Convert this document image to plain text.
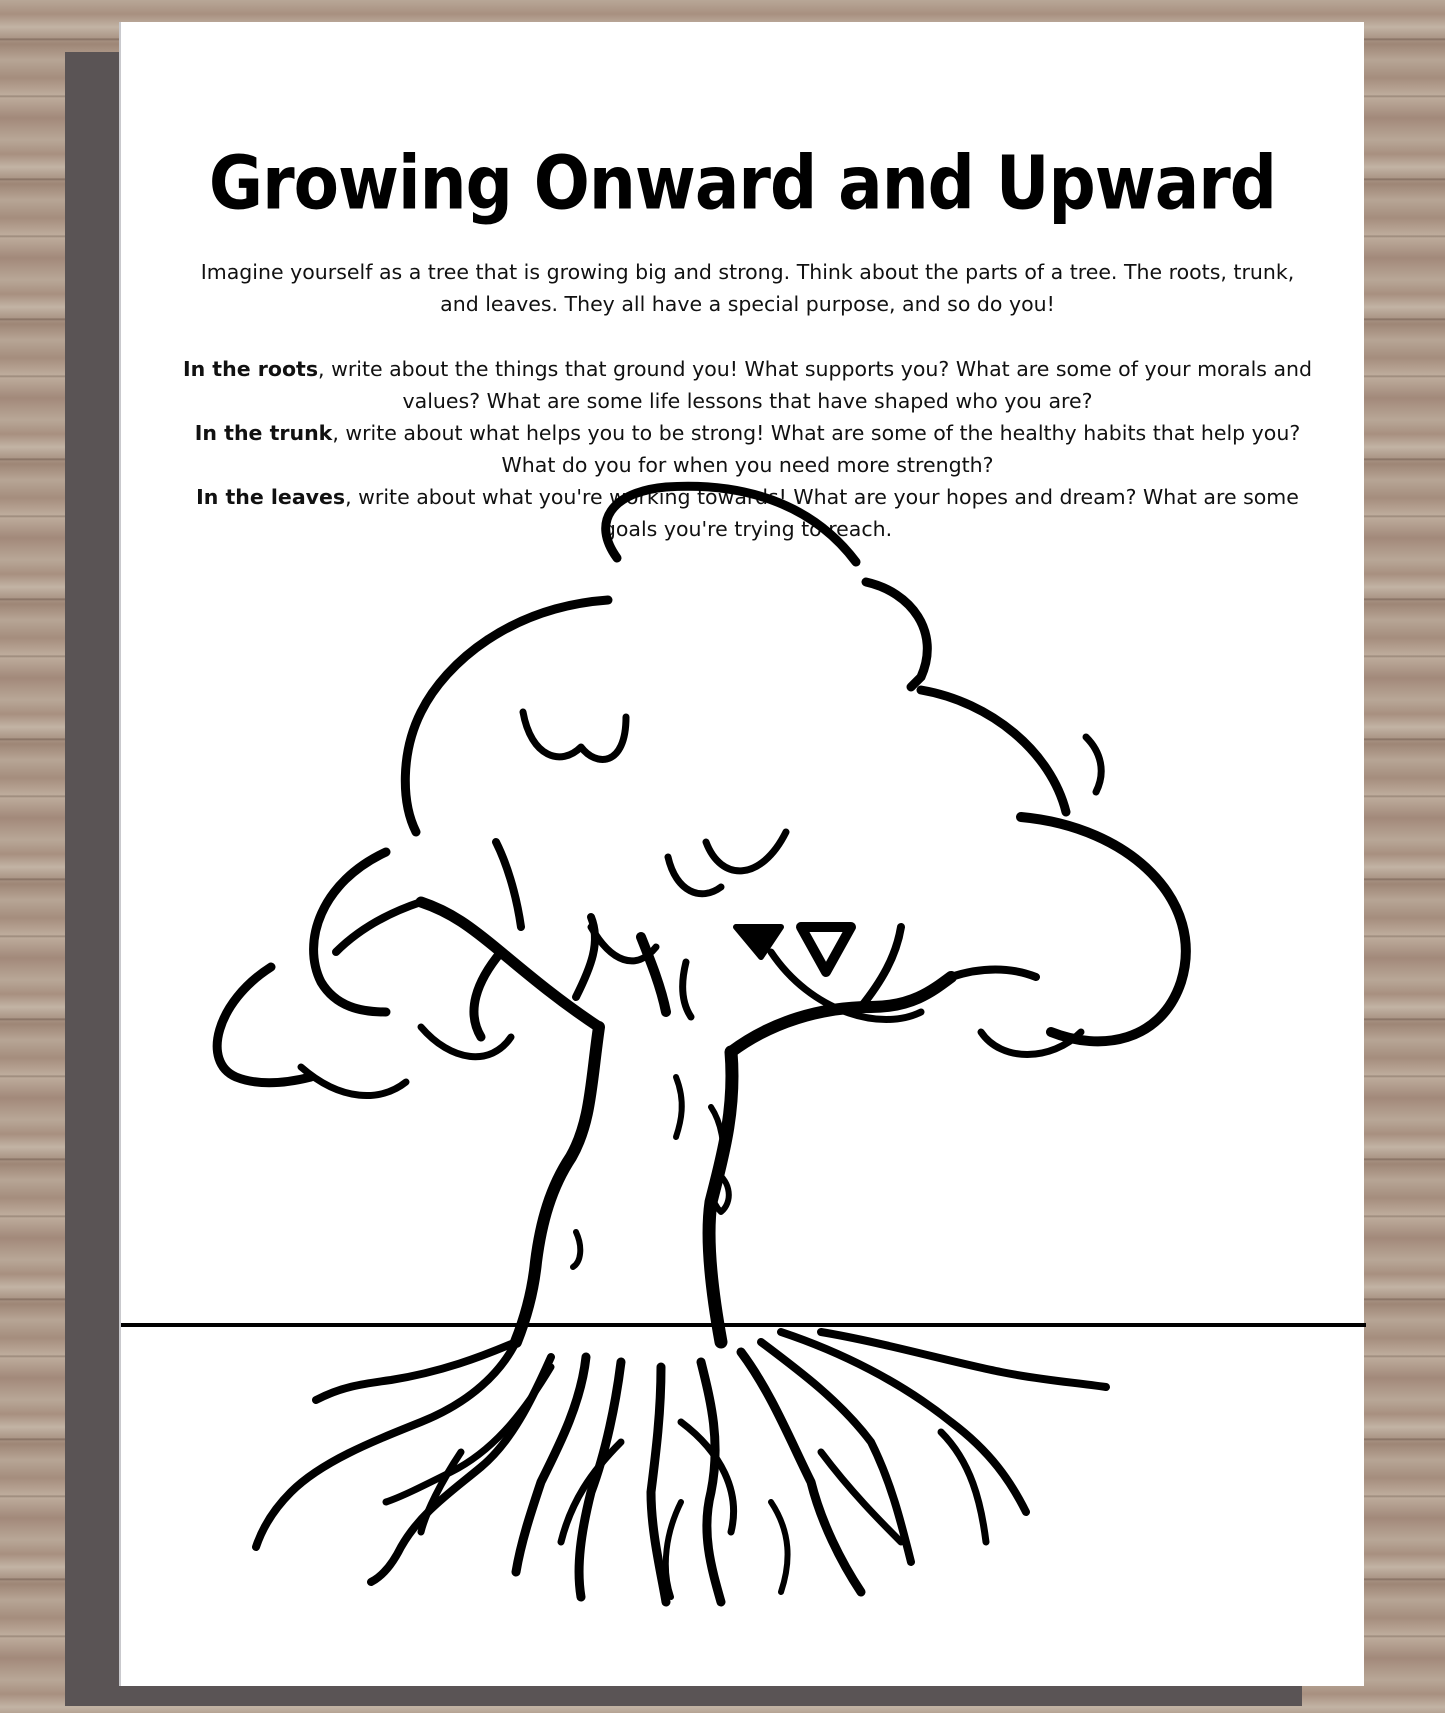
Growing Onward and Upward
Imagine yourself as a tree that is growing big and strong. Think about the parts of a tree. The roots, trunk, and leaves. They all have a special purpose, and so do you!
In the roots, write about the things that ground you! What supports you? What are some of your morals and values? What are some life lessons that have shaped who you are?
In the trunk, write about what helps you to be strong! What are some of the healthy habits that help you? What do you for when you need more strength?
In the leaves, write about what you're working towards! What are your hopes and dream? What are some goals you're trying to reach.
